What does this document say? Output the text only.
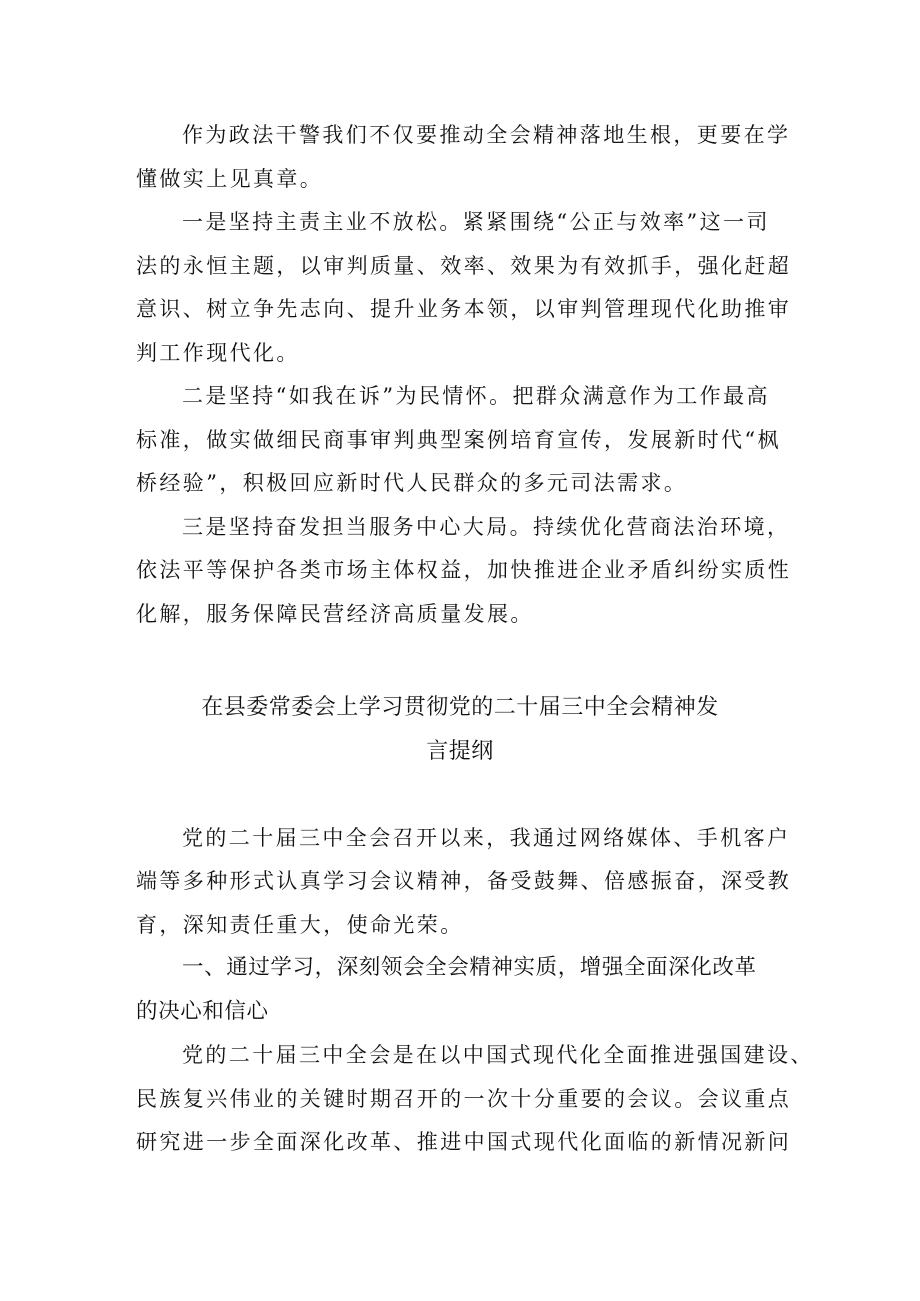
作为政法干警我们不仅要推动全会精神落地生根，更要在学

懂做实上见真章。

一是坚持主责主业不放松。紧紧围绕“公正与效率”这一司

法的永恒主题，以审判质量、效率、效果为有效抓手，强化赶超

意识、树立争先志向、提升业务本领，以审判管理现代化助推审

判工作现代化。

二是坚持“如我在诉”为民情怀。把群众满意作为工作最高

标准，做实做细民商事审判典型案例培育宣传，发展新时代“枫

桥经验”，积极回应新时代人民群众的多元司法需求。

三是坚持奋发担当服务中心大局。持续优化营商法治环境，

依法平等保护各类市场主体权益，加快推进企业矛盾纠纷实质性

化解，服务保障民营经济高质量发展。

在县委常委会上学习贯彻党的二十届三中全会精神发

言提纲

党的二十届三中全会召开以来，我通过网络媒体、手机客户

端等多种形式认真学习会议精神，备受鼓舞、倍感振奋，深受教

育，深知责任重大，使命光荣。

一、通过学习，深刻领会全会精神实质，增强全面深化改革

的决心和信心

党的二十届三中全会是在以中国式现代化全面推进强国建设、

民族复兴伟业的关键时期召开的一次十分重要的会议。会议重点

研究进一步全面深化改革、推进中国式现代化面临的新情况新问
